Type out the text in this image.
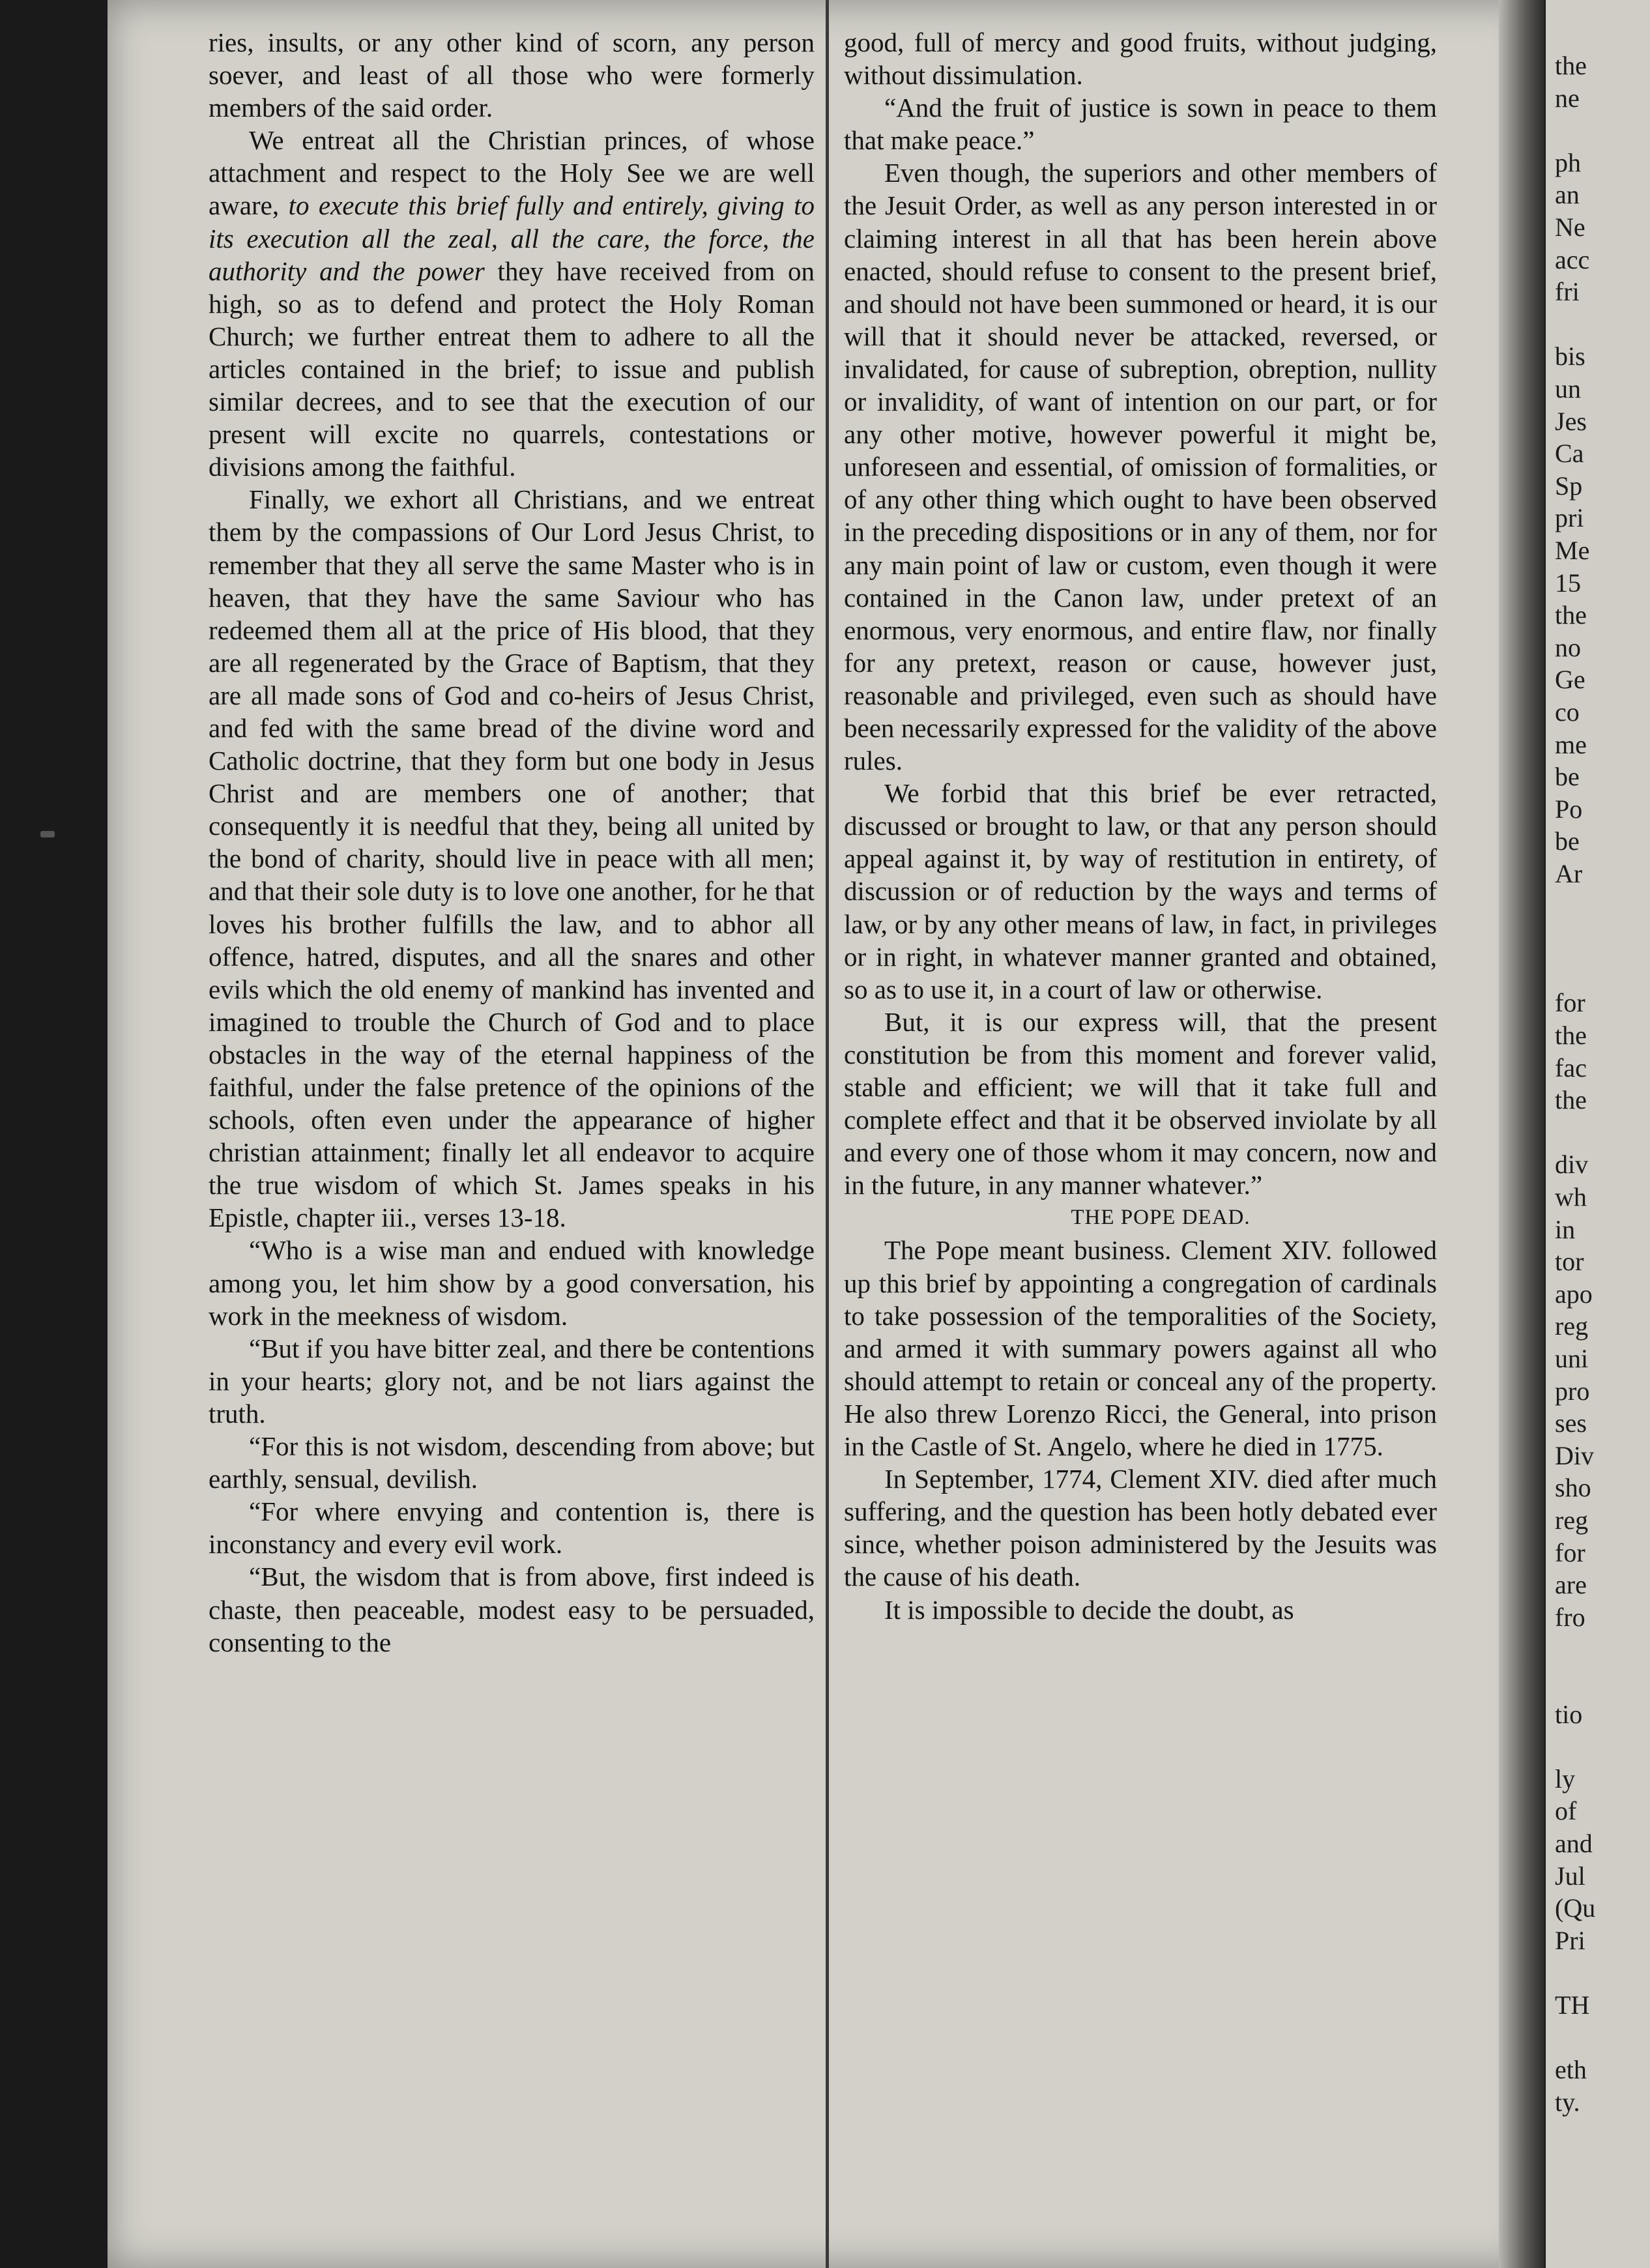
ries, insults, or any other kind of scorn, any person soever, and least of all those who were formerly members of the said order.

We entreat all the Christian princes, of whose attachment and respect to the Holy See we are well aware, to execute this brief fully and entirely, giving to its execution all the zeal, all the care, the force, the authority and the power they have received from on high, so as to defend and protect the Holy Roman Church; we further entreat them to adhere to all the articles contained in the brief; to issue and publish similar decrees, and to see that the execution of our present will excite no quarrels, contestations or divisions among the faithful.

Finally, we exhort all Christians, and we entreat them by the compassions of Our Lord Jesus Christ, to remember that they all serve the same Master who is in heaven, that they have the same Saviour who has redeemed them all at the price of His blood, that they are all regenerated by the Grace of Baptism, that they are all made sons of God and co-heirs of Jesus Christ, and fed with the same bread of the divine word and Catholic doctrine, that they form but one body in Jesus Christ and are members one of another; that consequently it is needful that they, being all united by the bond of charity, should live in peace with all men; and that their sole duty is to love one another, for he that loves his brother fulfills the law, and to abhor all offence, hatred, disputes, and all the snares and other evils which the old enemy of mankind has invented and imagined to trouble the Church of God and to place obstacles in the way of the eternal happiness of the faithful, under the false pretence of the opinions of the schools, often even under the appearance of higher christian attainment; finally let all endeavor to acquire the true wisdom of which St. James speaks in his Epistle, chapter iii., verses 13-18.

“Who is a wise man and endued with knowledge among you, let him show by a good conversation, his work in the meekness of wisdom.

“But if you have bitter zeal, and there be contentions in your hearts; glory not, and be not liars against the truth.

“For this is not wisdom, descending from above; but earthly, sensual, devilish.

“For where envying and contention is, there is inconstancy and every evil work.

“But, the wisdom that is from above, first indeed is chaste, then peaceable, modest easy to be persuaded, consenting to the

good, full of mercy and good fruits, without judging, without dissimulation.

“And the fruit of justice is sown in peace to them that make peace.”

Even though, the superiors and other members of the Jesuit Order, as well as any person interested in or claiming interest in all that has been herein above enacted, should refuse to consent to the present brief, and should not have been summoned or heard, it is our will that it should never be attacked, reversed, or invalidated, for cause of subreption, obreption, nullity or invalidity, of want of intention on our part, or for any other motive, however powerful it might be, unforeseen and essential, of omission of formalities, or of any other thing which ought to have been observed in the preceding dispositions or in any of them, nor for any main point of law or custom, even though it were contained in the Canon law, under pretext of an enormous, very enormous, and entire flaw, nor finally for any pretext, reason or cause, however just, reasonable and privileged, even such as should have been necessarily expressed for the validity of the above rules.

We forbid that this brief be ever retracted, discussed or brought to law, or that any person should appeal against it, by way of restitution in entirety, of discussion or of reduction by the ways and terms of law, or by any other means of law, in fact, in privileges or in right, in whatever manner granted and obtained, so as to use it, in a court of law or otherwise.

But, it is our express will, that the present constitution be from this moment and forever valid, stable and efficient; we will that it take full and complete effect and that it be observed inviolate by all and every one of those whom it may concern, now and in the future, in any manner whatever.”

THE POPE DEAD.

The Pope meant business. Clement XIV. followed up this brief by appointing a congregation of cardinals to take possession of the temporalities of the Society, and armed it with summary powers against all who should attempt to retain or conceal any of the property. He also threw Lorenzo Ricci, the General, into prison in the Castle of St. Angelo, where he died in 1775.

In September, 1774, Clement XIV. died after much suffering, and the question has been hotly debated ever since, whether poison administered by the Jesuits was the cause of his death.

It is impossible to decide the doubt, as

the
ne
ph
an
Ne
acc
fri
bis
un
Jes
Ca
Sp
pri
Me
15
the
no
Ge
co
me
be
Po
be
Ar
for
the
fac
the
div
wh
in
tor
apo
reg
uni
pro
ses
Div
sho
reg
for
are
fro
tio
ly
of
and
Jul
(Qu
Pri
TH
eth
ty.
